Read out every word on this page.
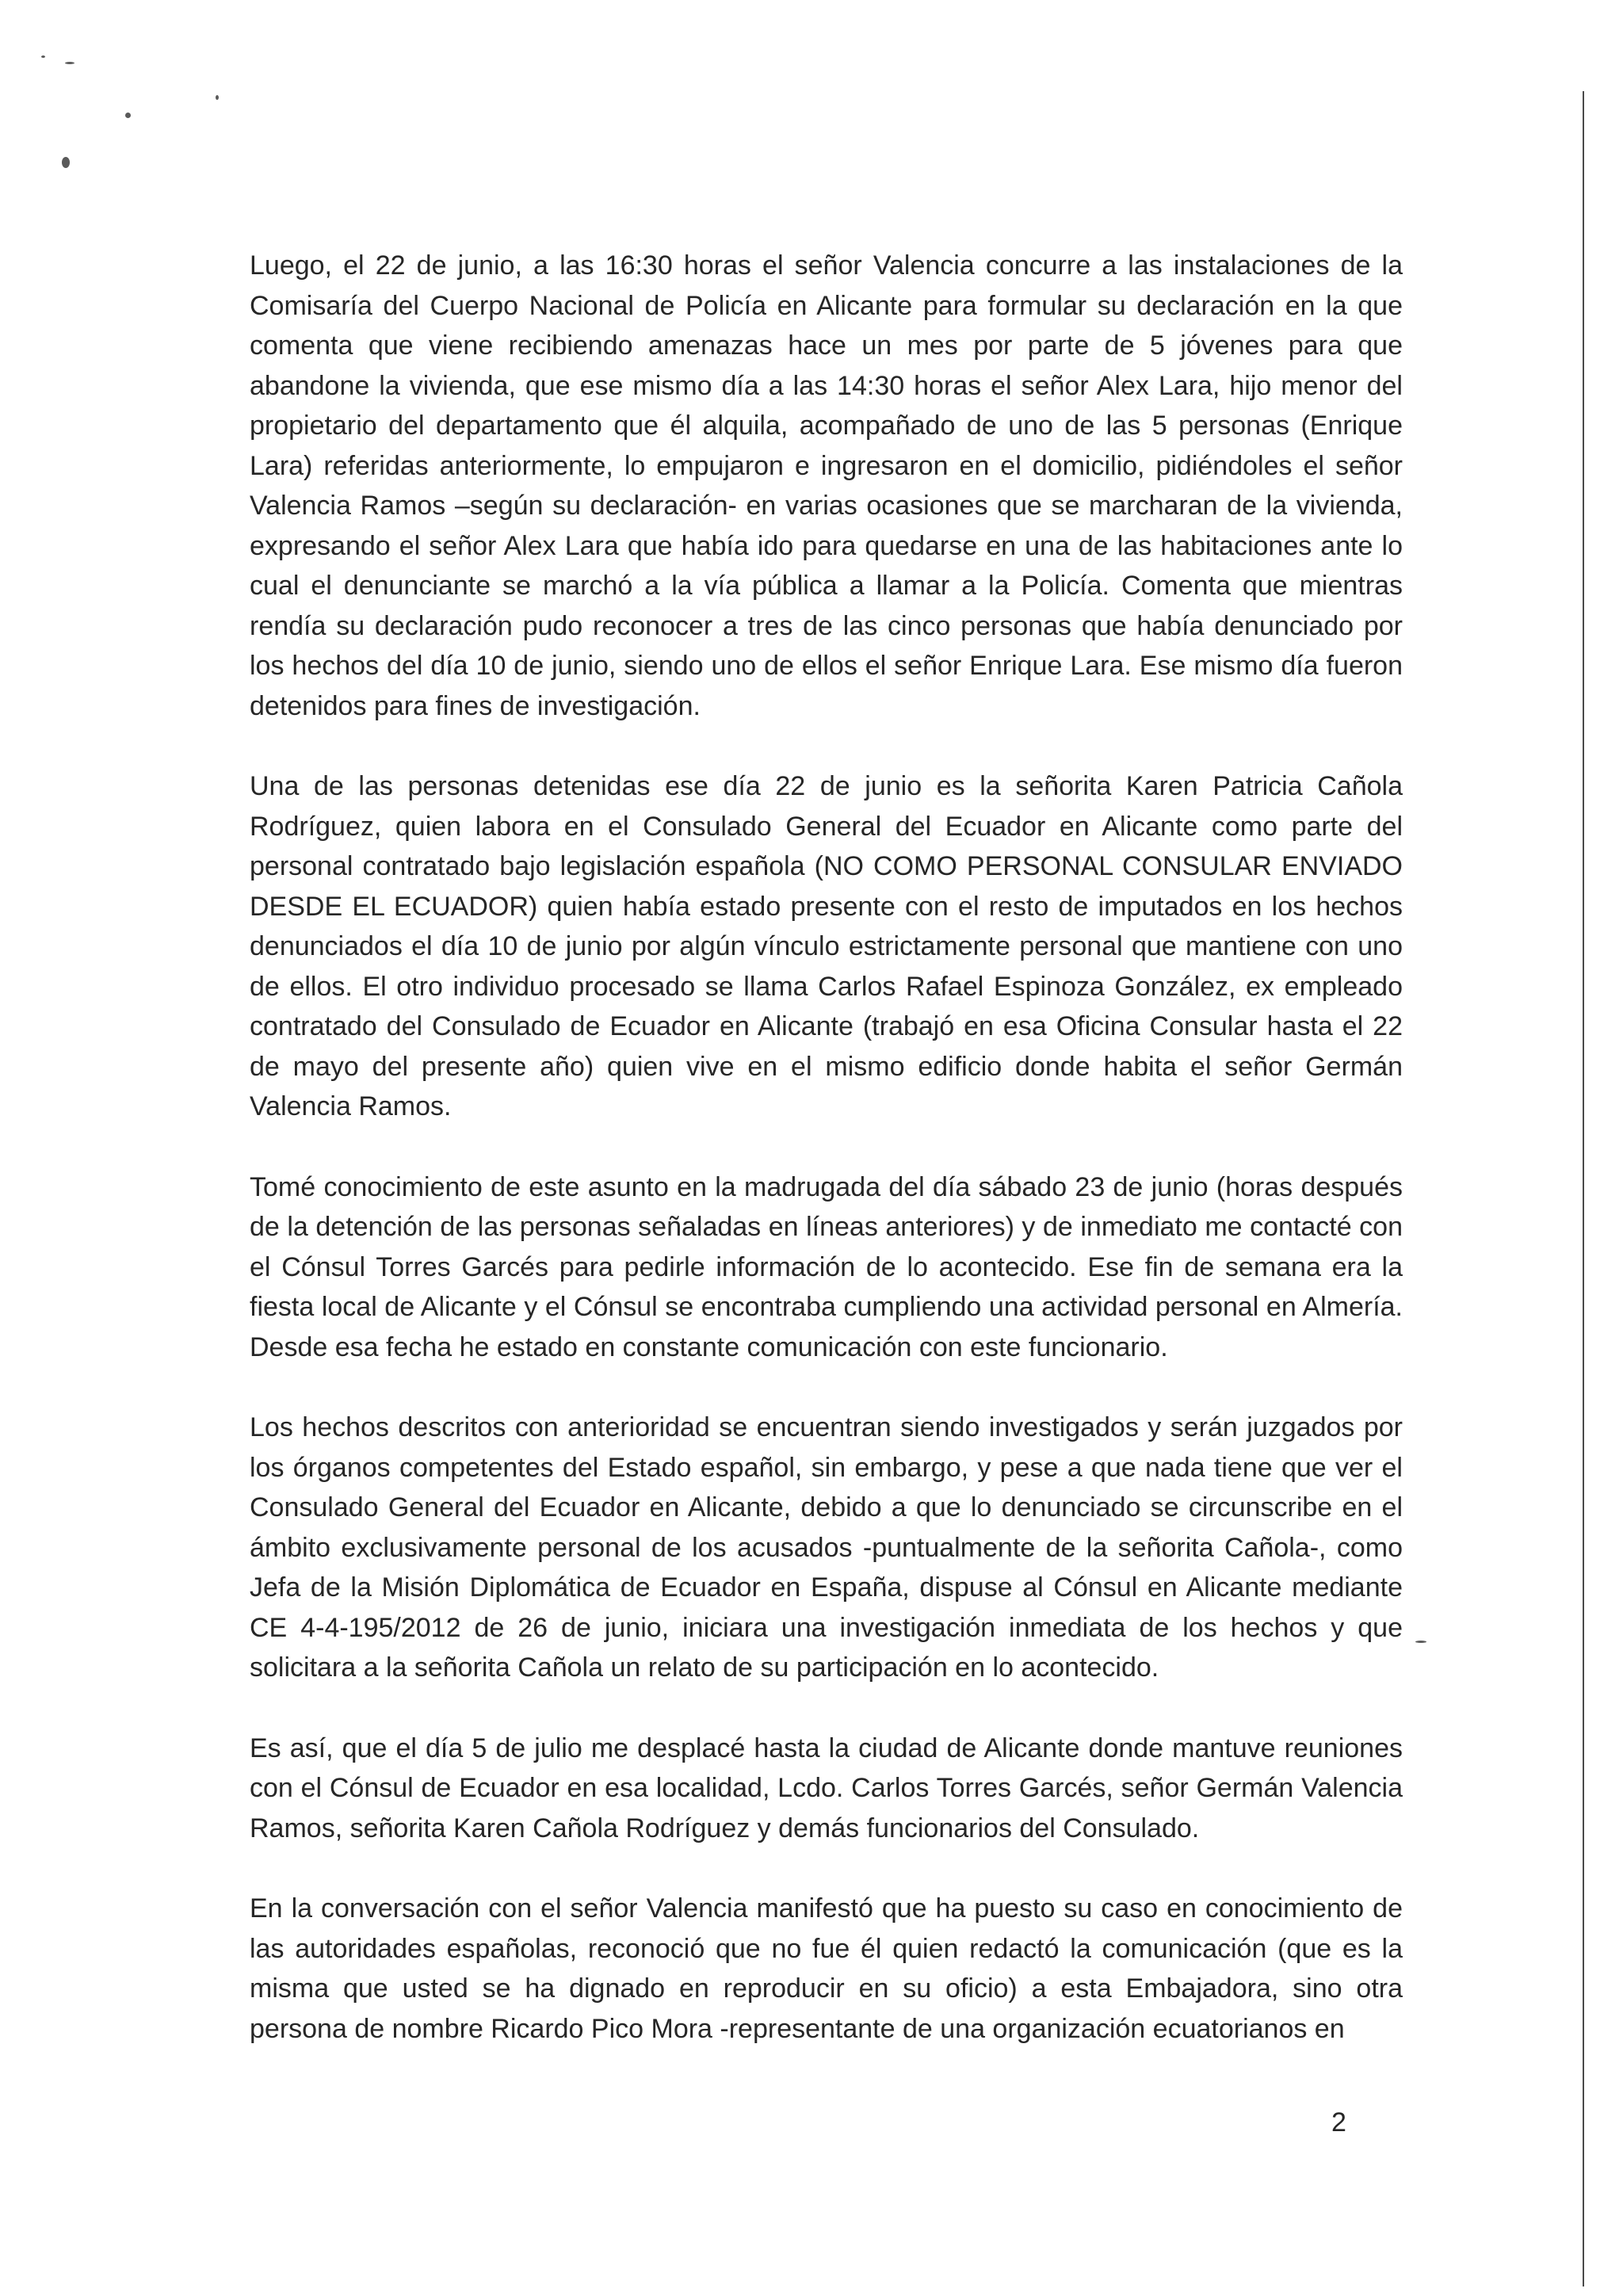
Luego, el 22 de junio, a las 16:30 horas el señor Valencia concurre a las instalaciones de la Comisaría del Cuerpo Nacional de Policía en Alicante para formular su declaración en la que comenta que viene recibiendo amenazas hace un mes por parte de 5 jóvenes para que abandone la vivienda, que ese mismo día a las 14:30 horas el señor Alex Lara, hijo menor del propietario del departamento que él alquila, acompañado de uno de las 5 personas (Enrique Lara) referidas anteriormente, lo empujaron e ingresaron en el domicilio, pidiéndoles el señor Valencia Ramos –según su declaración- en varias ocasiones que se marcharan de la vivienda, expresando el señor Alex Lara que había ido para quedarse en una de las habitaciones ante lo cual el denunciante se marchó a la vía pública a llamar a la Policía. Comenta que mientras rendía su declaración pudo reconocer a tres de las cinco personas que había denunciado por los hechos del día 10 de junio, siendo uno de ellos el señor Enrique Lara. Ese mismo día fueron detenidos para fines de investigación.

Una de las personas detenidas ese día 22 de junio es la señorita Karen Patricia Cañola Rodríguez, quien labora en el Consulado General del Ecuador en Alicante como parte del personal contratado bajo legislación española (NO COMO PERSONAL CONSULAR ENVIADO DESDE EL ECUADOR) quien había estado presente con el resto de imputados en los hechos denunciados el día 10 de junio por algún vínculo estrictamente personal que mantiene con uno de ellos. El otro individuo procesado se llama Carlos Rafael Espinoza González, ex empleado contratado del Consulado de Ecuador en Alicante (trabajó en esa Oficina Consular hasta el 22 de mayo del presente año) quien vive en el mismo edificio donde habita el señor Germán Valencia Ramos.

Tomé conocimiento de este asunto en la madrugada del día sábado 23 de junio (horas después de la detención de las personas señaladas en líneas anteriores) y de inmediato me contacté con el Cónsul Torres Garcés para pedirle información de lo acontecido. Ese fin de semana era la fiesta local de Alicante y el Cónsul se encontraba cumpliendo una actividad personal en Almería. Desde esa fecha he estado en constante comunicación con este funcionario.

Los hechos descritos con anterioridad se encuentran siendo investigados y serán juzgados por los órganos competentes del Estado español, sin embargo, y pese a que nada tiene que ver el Consulado General del Ecuador en Alicante, debido a que lo denunciado se circunscribe en el ámbito exclusivamente personal de los acusados -puntualmente de la señorita Cañola-, como Jefa de la Misión Diplomática de Ecuador en España, dispuse al Cónsul en Alicante mediante CE 4-4-195/2012 de 26 de junio, iniciara una investigación inmediata de los hechos y que solicitara a la señorita Cañola un relato de su participación en lo acontecido.

Es así, que el día 5 de julio me desplacé hasta la ciudad de Alicante donde mantuve reuniones con el Cónsul de Ecuador en esa localidad, Lcdo. Carlos Torres Garcés, señor Germán Valencia Ramos, señorita Karen Cañola Rodríguez y demás funcionarios del Consulado.

En la conversación con el señor Valencia manifestó que ha puesto su caso en conocimiento de las autoridades españolas, reconoció que no fue él quien redactó la comunicación (que es la misma que usted se ha dignado en reproducir en su oficio) a esta Embajadora, sino otra persona de nombre Ricardo Pico Mora -representante de una organización ecuatorianos en

2
